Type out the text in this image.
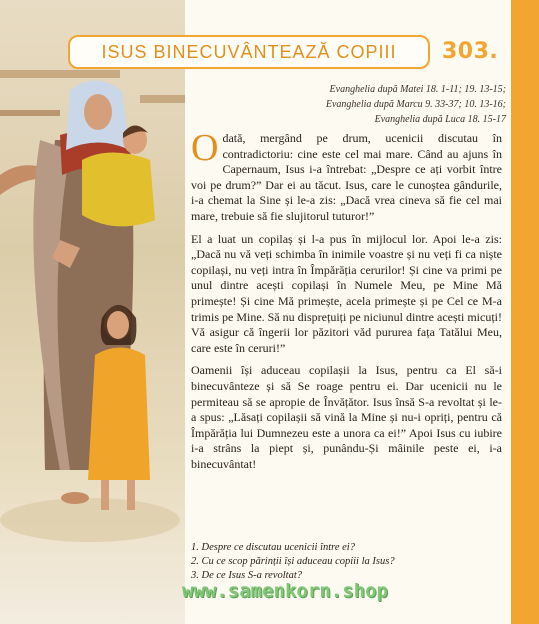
ISUS BINECUVÂNTEAZĂ COPIII	303.
Evanghelia după Matei 18. 1-11; 19. 13-15;
Evanghelia după Marcu 9. 33-37; 10. 13-16;
Evanghelia după Luca 18. 15-17

Odată, mergând pe drum, ucenicii discutau în contradictoriu: cine este cel mai mare. Când au ajuns în Capernaum, Isus i-a întrebat: „Despre ce ați vorbit între voi pe drum?” Dar ei au tăcut. Isus, care le cunoștea gândurile, i-a chemat la Sine și le-a zis: „Dacă vrea cineva să fie cel mai mare, trebuie să fie slujitorul tuturor!”

El a luat un copilaș și l-a pus în mijlocul lor. Apoi le-a zis: „Dacă nu vă veți schimba în inimile voastre și nu veți fi ca niște copilași, nu veți intra în Împărăția cerurilor! Și cine va primi pe unul dintre acești copilași în Numele Meu, pe Mine Mă primește! Și cine Mă primește, acela primește și pe Cel ce M-a trimis pe Mine. Să nu disprețuiți pe niciunul dintre acești micuți! Vă asigur că îngerii lor păzitori văd pururea fața Tatălui Meu, care este în ceruri!”

Oamenii își aduceau copilașii la Isus, pentru ca El să-i binecuvânteze și să Se roage pentru ei. Dar ucenicii nu le permiteau să se apropie de Învățător. Isus însă S-a revoltat și le-a spus: „Lăsați copilașii să vină la Mine și nu-i opriți, pentru că Împărăția lui Dumnezeu este a unora ca ei!” Apoi Isus cu iubire i-a strâns la piept și, punându-Și mâinile peste ei, i-a binecuvântat!

1. Despre ce discutau ucenicii între ei?
2. Cu ce scop părinții își aduceau copiii la Isus?
3. De ce Isus S-a revoltat?
www.samenkorn.shop
